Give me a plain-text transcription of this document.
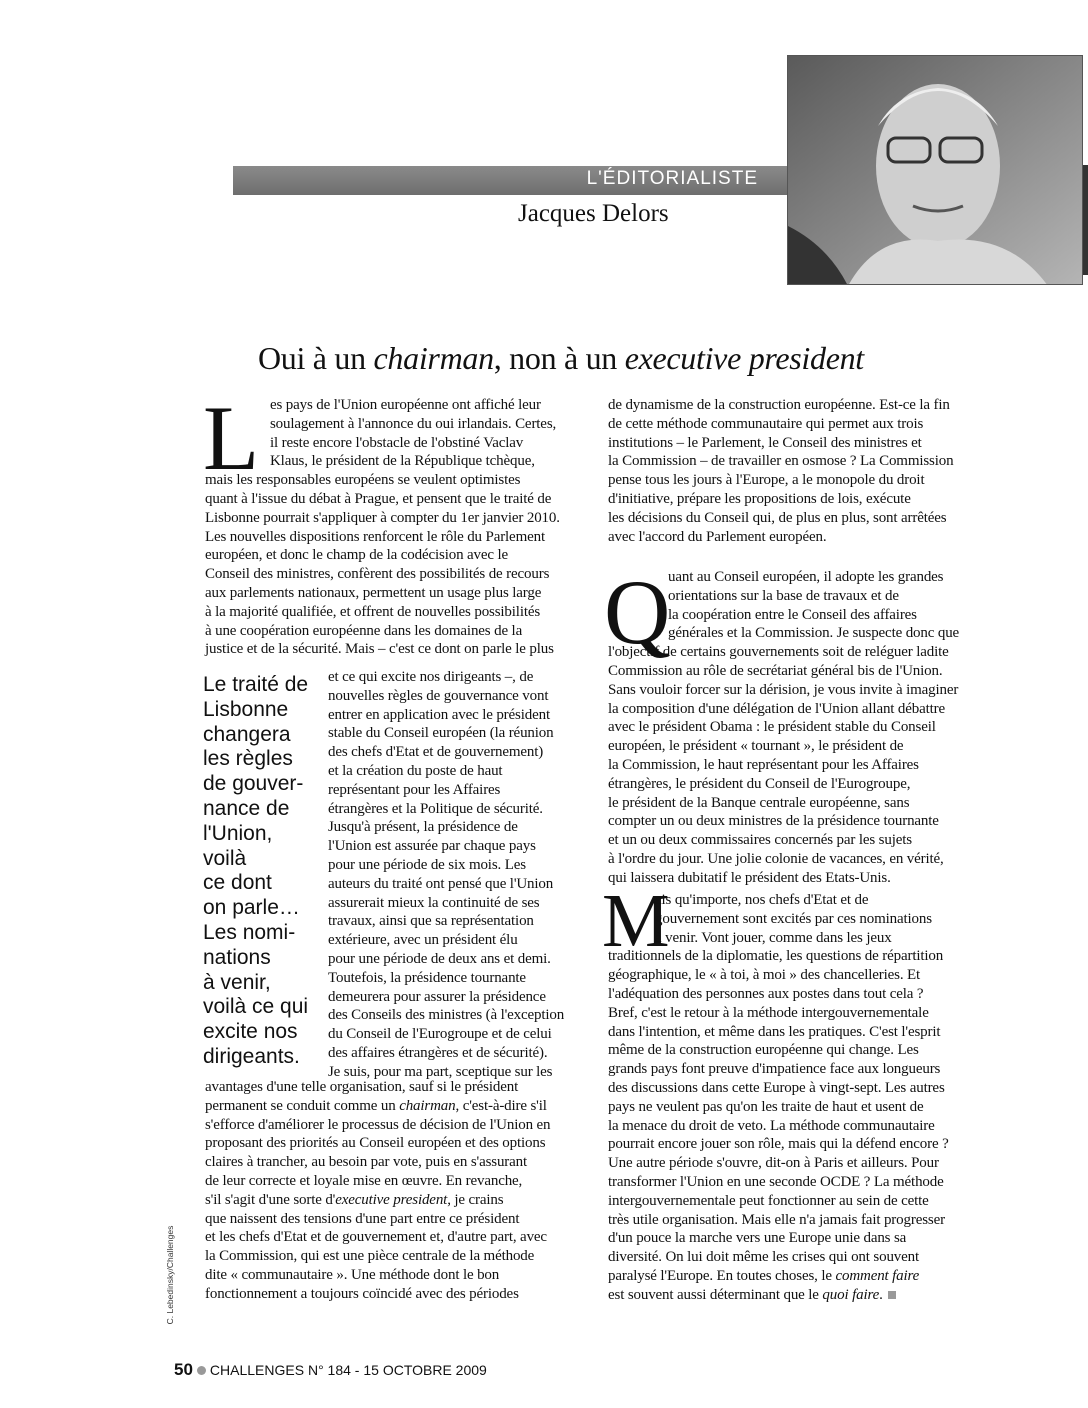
L'ÉDITORIALISTE
Jacques Delors
Oui à un chairman, non à un executive president
L
Q
M
es pays de l'Union européenne ont affiché leur
soulagement à l'annonce du oui irlandais. Certes,
il reste encore l'obstacle de l'obstiné Vaclav
Klaus, le président de la République tchèque,
mais les responsables européens se veulent optimistes
quant à l'issue du débat à Prague, et pensent que le traité de
Lisbonne pourrait s'appliquer à compter du 1er janvier 2010.
Les nouvelles dispositions renforcent le rôle du Parlement
européen, et donc le champ de la codécision avec le
Conseil des ministres, confèrent des possibilités de recours
aux parlements nationaux, permettent un usage plus large
à la majorité qualifiée, et offrent de nouvelles possibilités
à une coopération européenne dans les domaines de la
justice et de la sécurité. Mais – c'est ce dont on parle le plus
et ce qui excite nos dirigeants –, de
nouvelles règles de gouvernance vont
entrer en application avec le président
stable du Conseil européen (la réunion
des chefs d'Etat et de gouvernement)
et la création du poste de haut
représentant pour les Affaires
étrangères et la Politique de sécurité.
Jusqu'à présent, la présidence de
l'Union est assurée par chaque pays
pour une période de six mois. Les
auteurs du traité ont pensé que l'Union
assurerait mieux la continuité de ses
travaux, ainsi que sa représentation
extérieure, avec un président élu
pour une période de deux ans et demi.
Toutefois, la présidence tournante
demeurera pour assurer la présidence
des Conseils des ministres (à l'exception
du Conseil de l'Eurogroupe et de celui
des affaires étrangères et de sécurité).
Je suis, pour ma part, sceptique sur les
avantages d'une telle organisation, sauf si le président
permanent se conduit comme un chairman, c'est-à-dire s'il
s'efforce d'améliorer le processus de décision de l'Union en
proposant des priorités au Conseil européen et des options
claires à trancher, au besoin par vote, puis en s'assurant
de leur correcte et loyale mise en œuvre. En revanche,
s'il s'agit d'une sorte d'executive president, je crains
que naissent des tensions d'une part entre ce président
et les chefs d'Etat et de gouvernement et, d'autre part, avec
la Commission, qui est une pièce centrale de la méthode
dite « communautaire ». Une méthode dont le bon
fonctionnement a toujours coïncidé avec des périodes
Le traité de
Lisbonne
changera
les règles
de gouver-
nance de
l'Union,
voilà
ce dont
on parle…
Les nomi-
nations
à venir,
voilà ce qui
excite nos
dirigeants.
de dynamisme de la construction européenne. Est-ce la fin
de cette méthode communautaire qui permet aux trois
institutions – le Parlement, le Conseil des ministres et
la Commission – de travailler en osmose ? La Commission
pense tous les jours à l'Europe, a le monopole du droit
d'initiative, prépare les propositions de lois, exécute
les décisions du Conseil qui, de plus en plus, sont arrêtées
avec l'accord du Parlement européen.
uant au Conseil européen, il adopte les grandes
orientations sur la base de travaux et de
la coopération entre le Conseil des affaires
générales et la Commission. Je suspecte donc que
l'objectif de certains gouvernements soit de reléguer ladite
Commission au rôle de secrétariat général bis de l'Union.
Sans vouloir forcer sur la dérision, je vous invite à imaginer
la composition d'une délégation de l'Union allant débattre
avec le président Obama : le président stable du Conseil
européen, le président « tournant », le président de
la Commission, le haut représentant pour les Affaires
étrangères, le président du Conseil de l'Eurogroupe,
le président de la Banque centrale européenne, sans
compter un ou deux ministres de la présidence tournante
et un ou deux commissaires concernés par les sujets
à l'ordre du jour. Une jolie colonie de vacances, en vérité,
qui laissera dubitatif le président des Etats-Unis.
ais qu'importe, nos chefs d'Etat et de
gouvernement sont excités par ces nominations
à venir. Vont jouer, comme dans les jeux
traditionnels de la diplomatie, les questions de répartition
géographique, le « à toi, à moi » des chancelleries. Et
l'adéquation des personnes aux postes dans tout cela ?
Bref, c'est le retour à la méthode intergouvernementale
dans l'intention, et même dans les pratiques. C'est l'esprit
même de la construction européenne qui change. Les
grands pays font preuve d'impatience face aux longueurs
des discussions dans cette Europe à vingt-sept. Les autres
pays ne veulent pas qu'on les traite de haut et usent de
la menace du droit de veto. La méthode communautaire
pourrait encore jouer son rôle, mais qui la défend encore ?
Une autre période s'ouvre, dit-on à Paris et ailleurs. Pour
transformer l'Union en une seconde OCDE ? La méthode
intergouvernementale peut fonctionner au sein de cette
très utile organisation. Mais elle n'a jamais fait progresser
d'un pouce la marche vers une Europe unie dans sa
diversité. On lui doit même les crises qui ont souvent
paralysé l'Europe. En toutes choses, le comment faire
est souvent aussi déterminant que le quoi faire.
C. Lebedinsky/Challenges
50 CHALLENGES N° 184 - 15 OCTOBRE 2009
